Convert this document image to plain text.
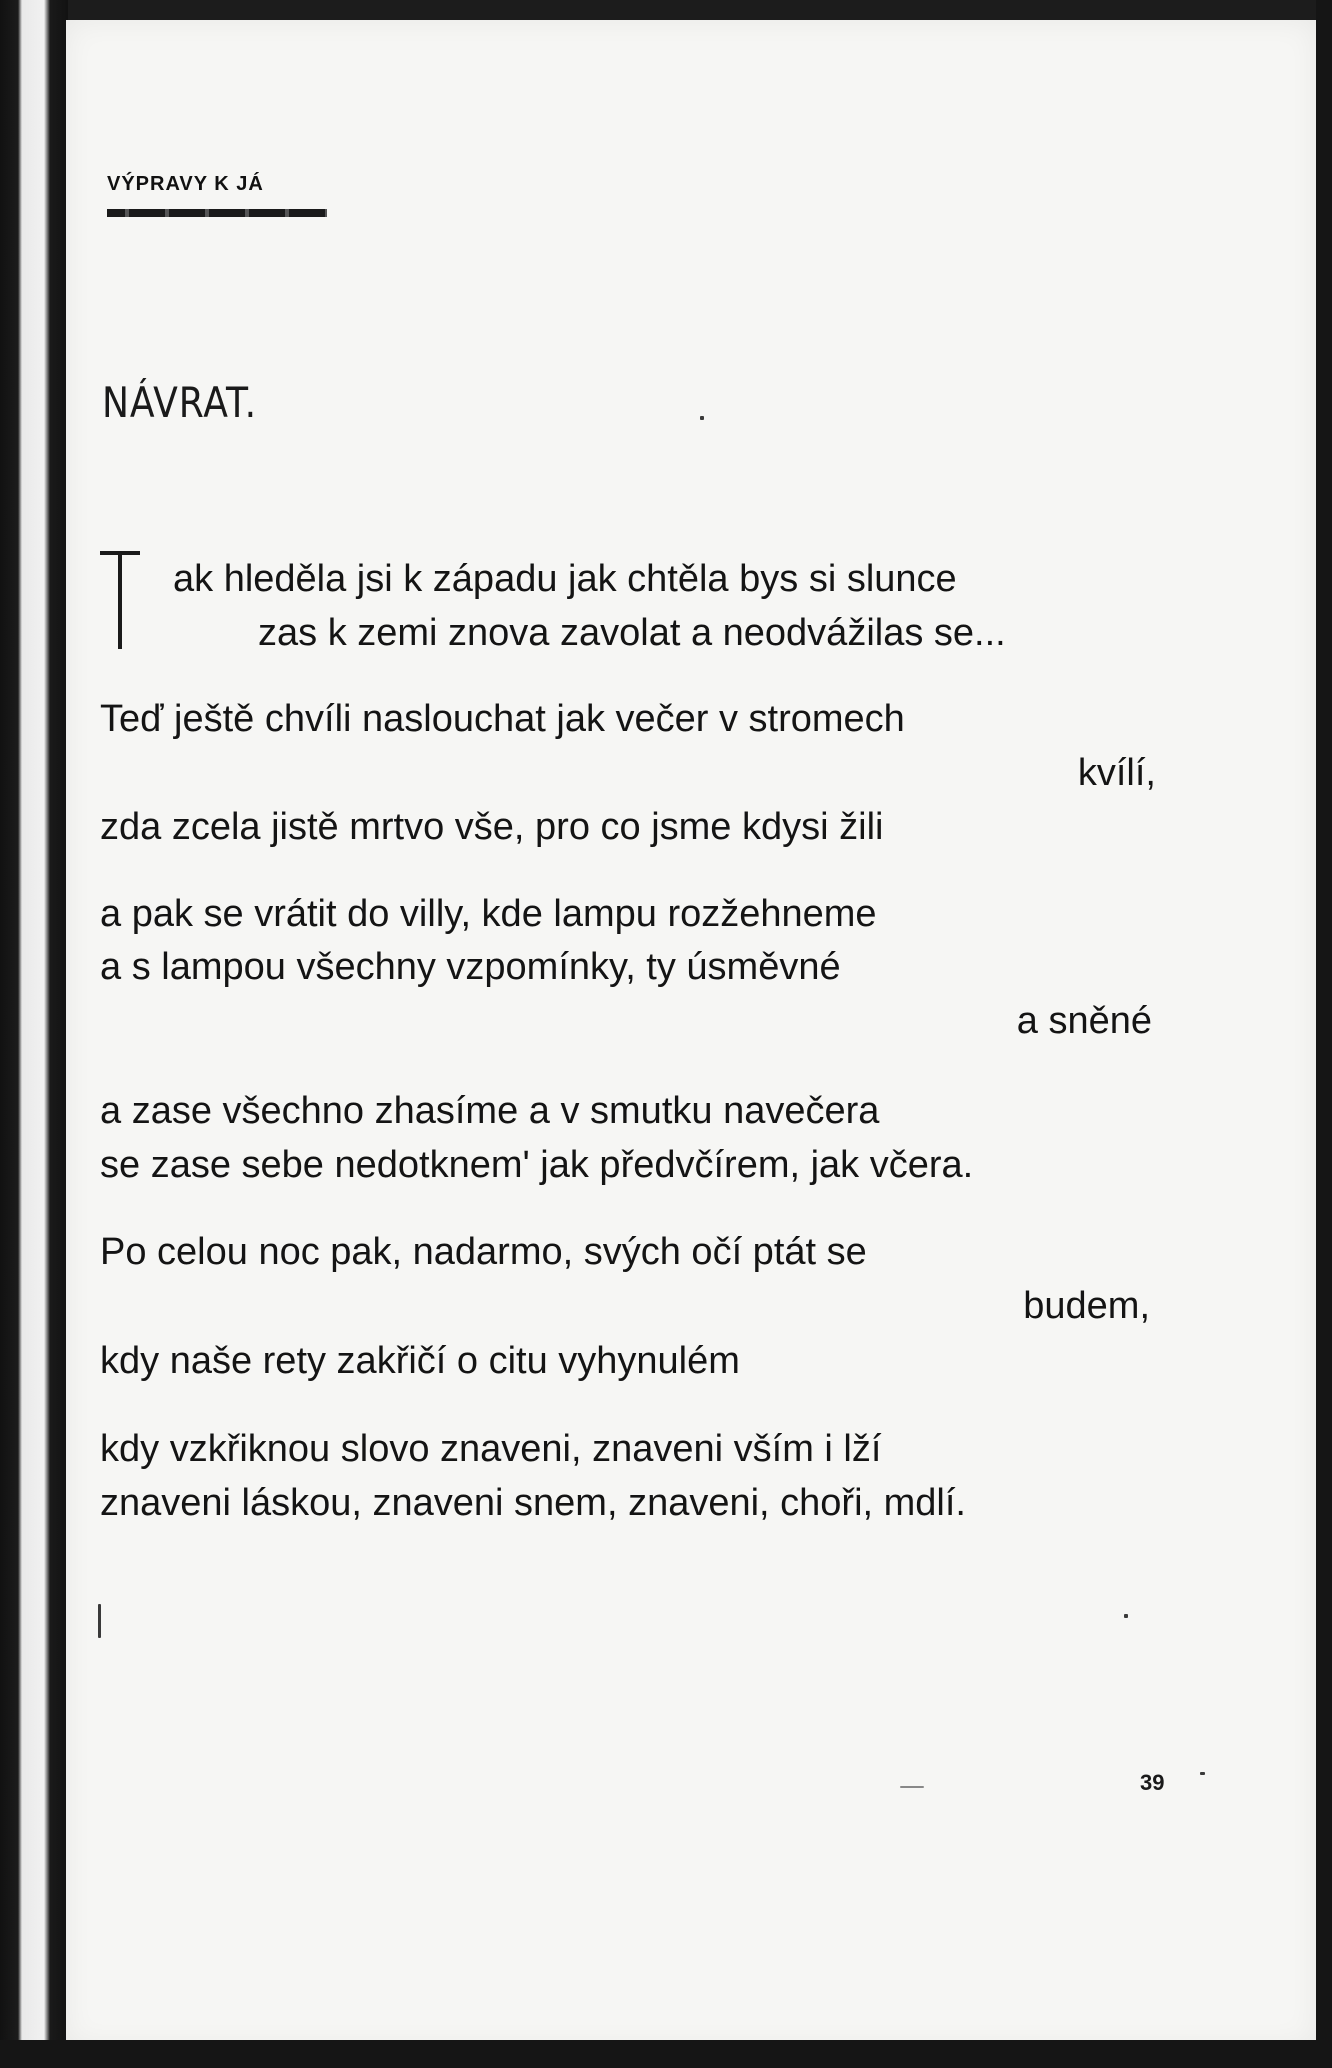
VÝPRAVY K JÁ
NÁVRAT.
ak hleděla jsi k západu jak chtěla bys si slunce
zas k zemi znova zavolat a neodvážilas se...
Teď ještě chvíli naslouchat jak večer v stromech
kvílí,
zda zcela jistě mrtvo vše, pro co jsme kdysi žili
a pak se vrátit do villy, kde lampu rozžehneme
a s lampou všechny vzpomínky, ty úsměvné
a sněné
a zase všechno zhasíme a v smutku navečera
se zase sebe nedotknem' jak předvčírem, jak včera.
Po celou noc pak, nadarmo, svých očí ptát se
budem,
kdy naše rety zakřičí o citu vyhynulém
kdy vzkřiknou slovo znaveni, znaveni vším i lží
znaveni láskou, znaveni snem, znaveni, choři, mdlí.
39
